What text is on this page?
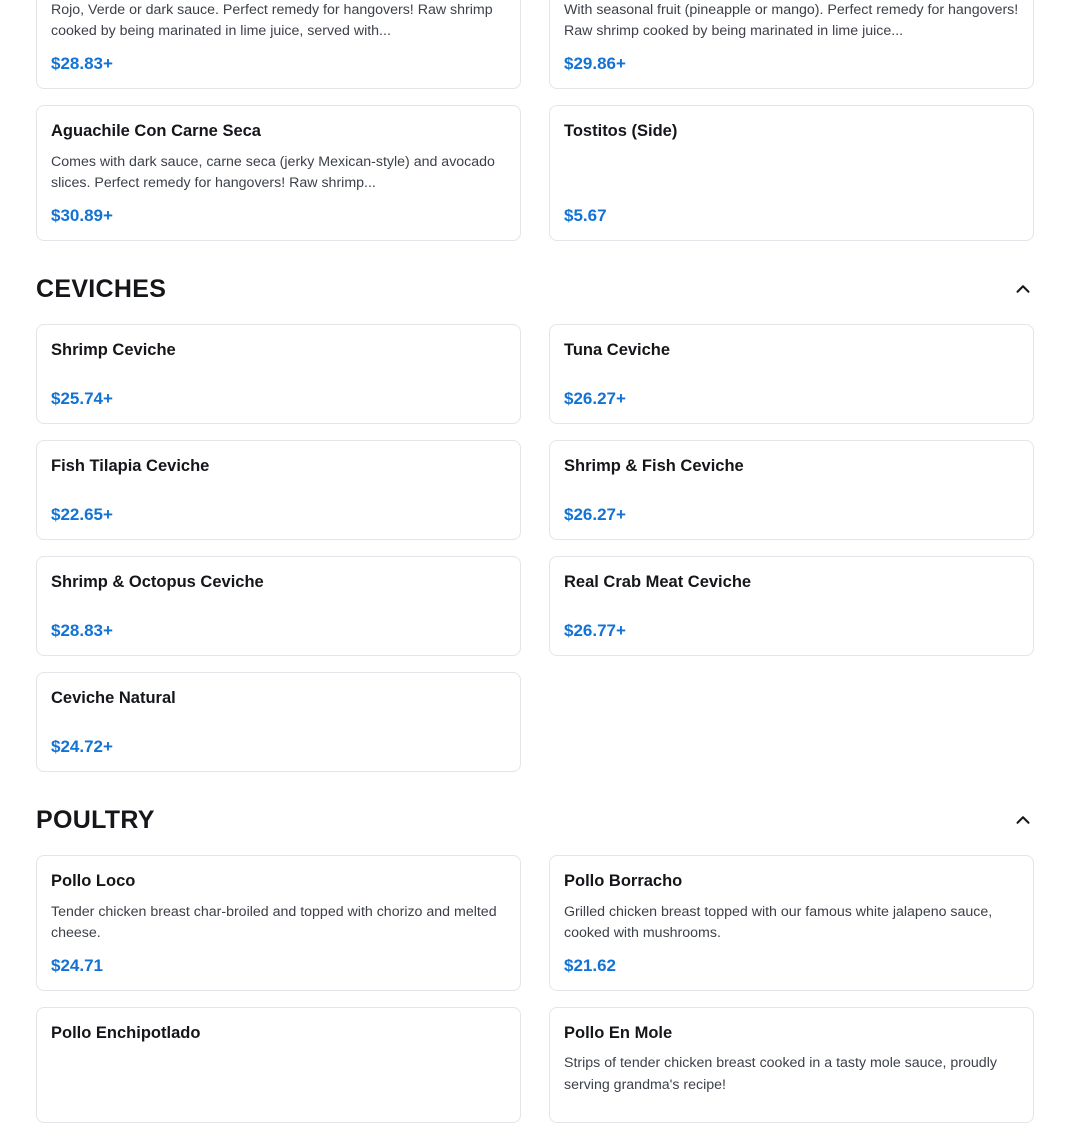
Rojo, Verde or dark sauce. Perfect remedy for hangovers! Raw shrimp cooked by being marinated in lime juice, served with...

$28.83+

With seasonal fruit (pineapple or mango). Perfect remedy for hangovers! Raw shrimp cooked by being marinated in lime juice...

$29.86+
Aguachile Con Carne Seca

Comes with dark sauce, carne seca (jerky Mexican-style) and avocado slices. Perfect remedy for hangovers! Raw shrimp...

$30.89+
Tostitos (Side)
$5.67
CEVICHES
Shrimp Ceviche
$25.74+
Tuna Ceviche
$26.27+
Fish Tilapia Ceviche
$22.65+
Shrimp & Fish Ceviche
$26.27+
Shrimp & Octopus Ceviche
$28.83+
Real Crab Meat Ceviche
$26.77+
Ceviche Natural
$24.72+
POULTRY
Pollo Loco

Tender chicken breast char-broiled and topped with chorizo and melted cheese.

$24.71
Pollo Borracho

Grilled chicken breast topped with our famous white jalapeno sauce, cooked with mushrooms.

$21.62
Pollo Enchipotlado	Pollo En Mole

Strips of tender chicken breast cooked in a tasty mole sauce, proudly serving grandma's recipe!
